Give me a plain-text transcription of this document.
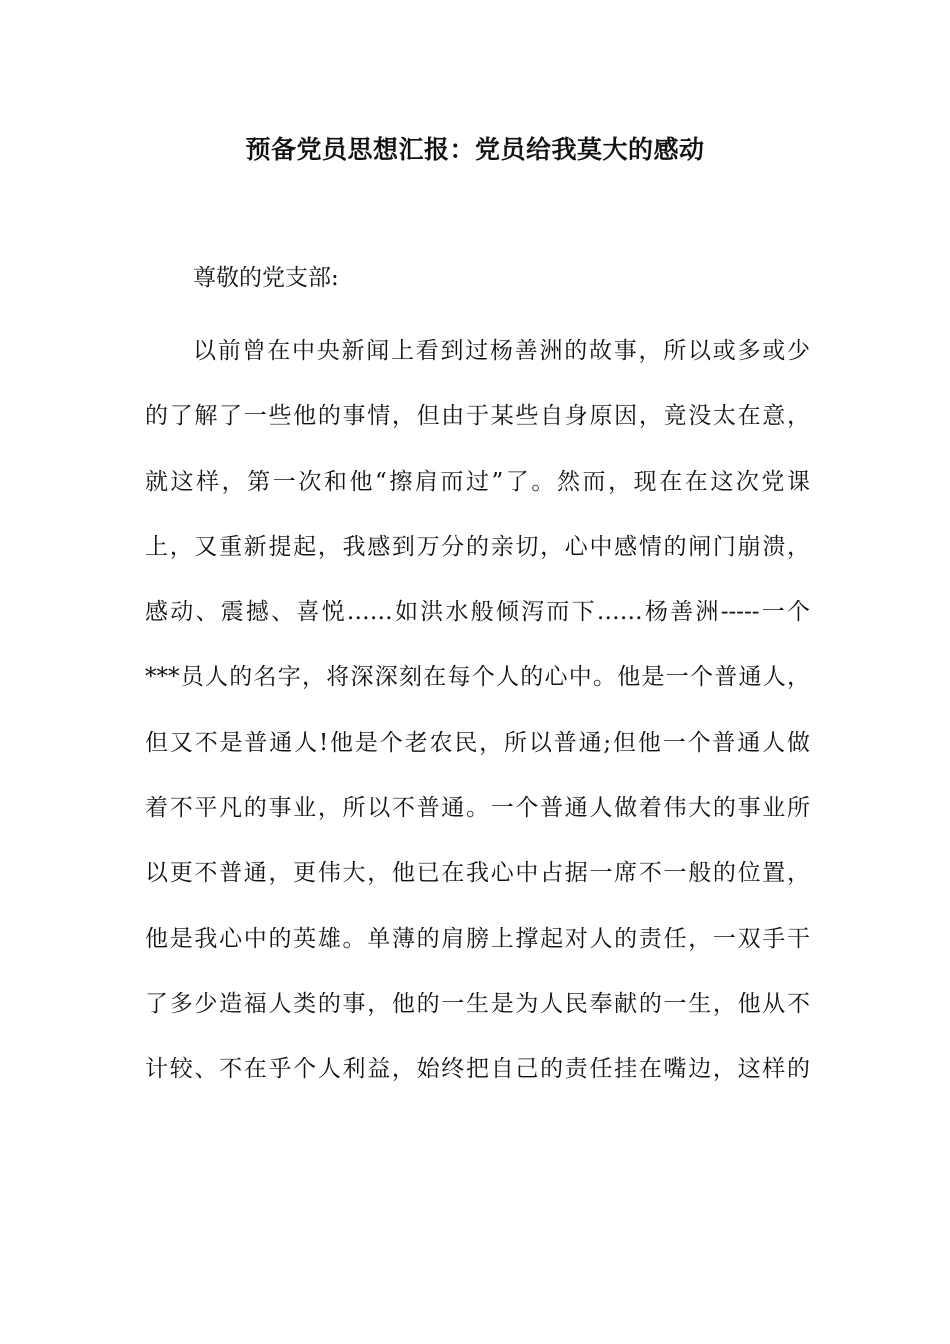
预备党员思想汇报：党员给我莫大的感动
尊敬的党支部:
以前曾在中央新闻上看到过杨善洲的故事，所以或多或少
的了解了一些他的事情，但由于某些自身原因，竟没太在意，
就这样，第一次和他“擦肩而过”了。然而，现在在这次党课
上，又重新提起，我感到万分的亲切，心中感情的闸门崩溃，
感动、震撼、喜悦……如洪水般倾泻而下……杨善洲-----一个
***员人的名字，将深深刻在每个人的心中。他是一个普通人，
但又不是普通人!他是个老农民，所以普通;但他一个普通人做
着不平凡的事业，所以不普通。一个普通人做着伟大的事业所
以更不普通，更伟大，他已在我心中占据一席不一般的位置，
他是我心中的英雄。单薄的肩膀上撑起对人的责任，一双手干
了多少造福人类的事，他的一生是为人民奉献的一生，他从不
计较、不在乎个人利益，始终把自己的责任挂在嘴边，这样的
